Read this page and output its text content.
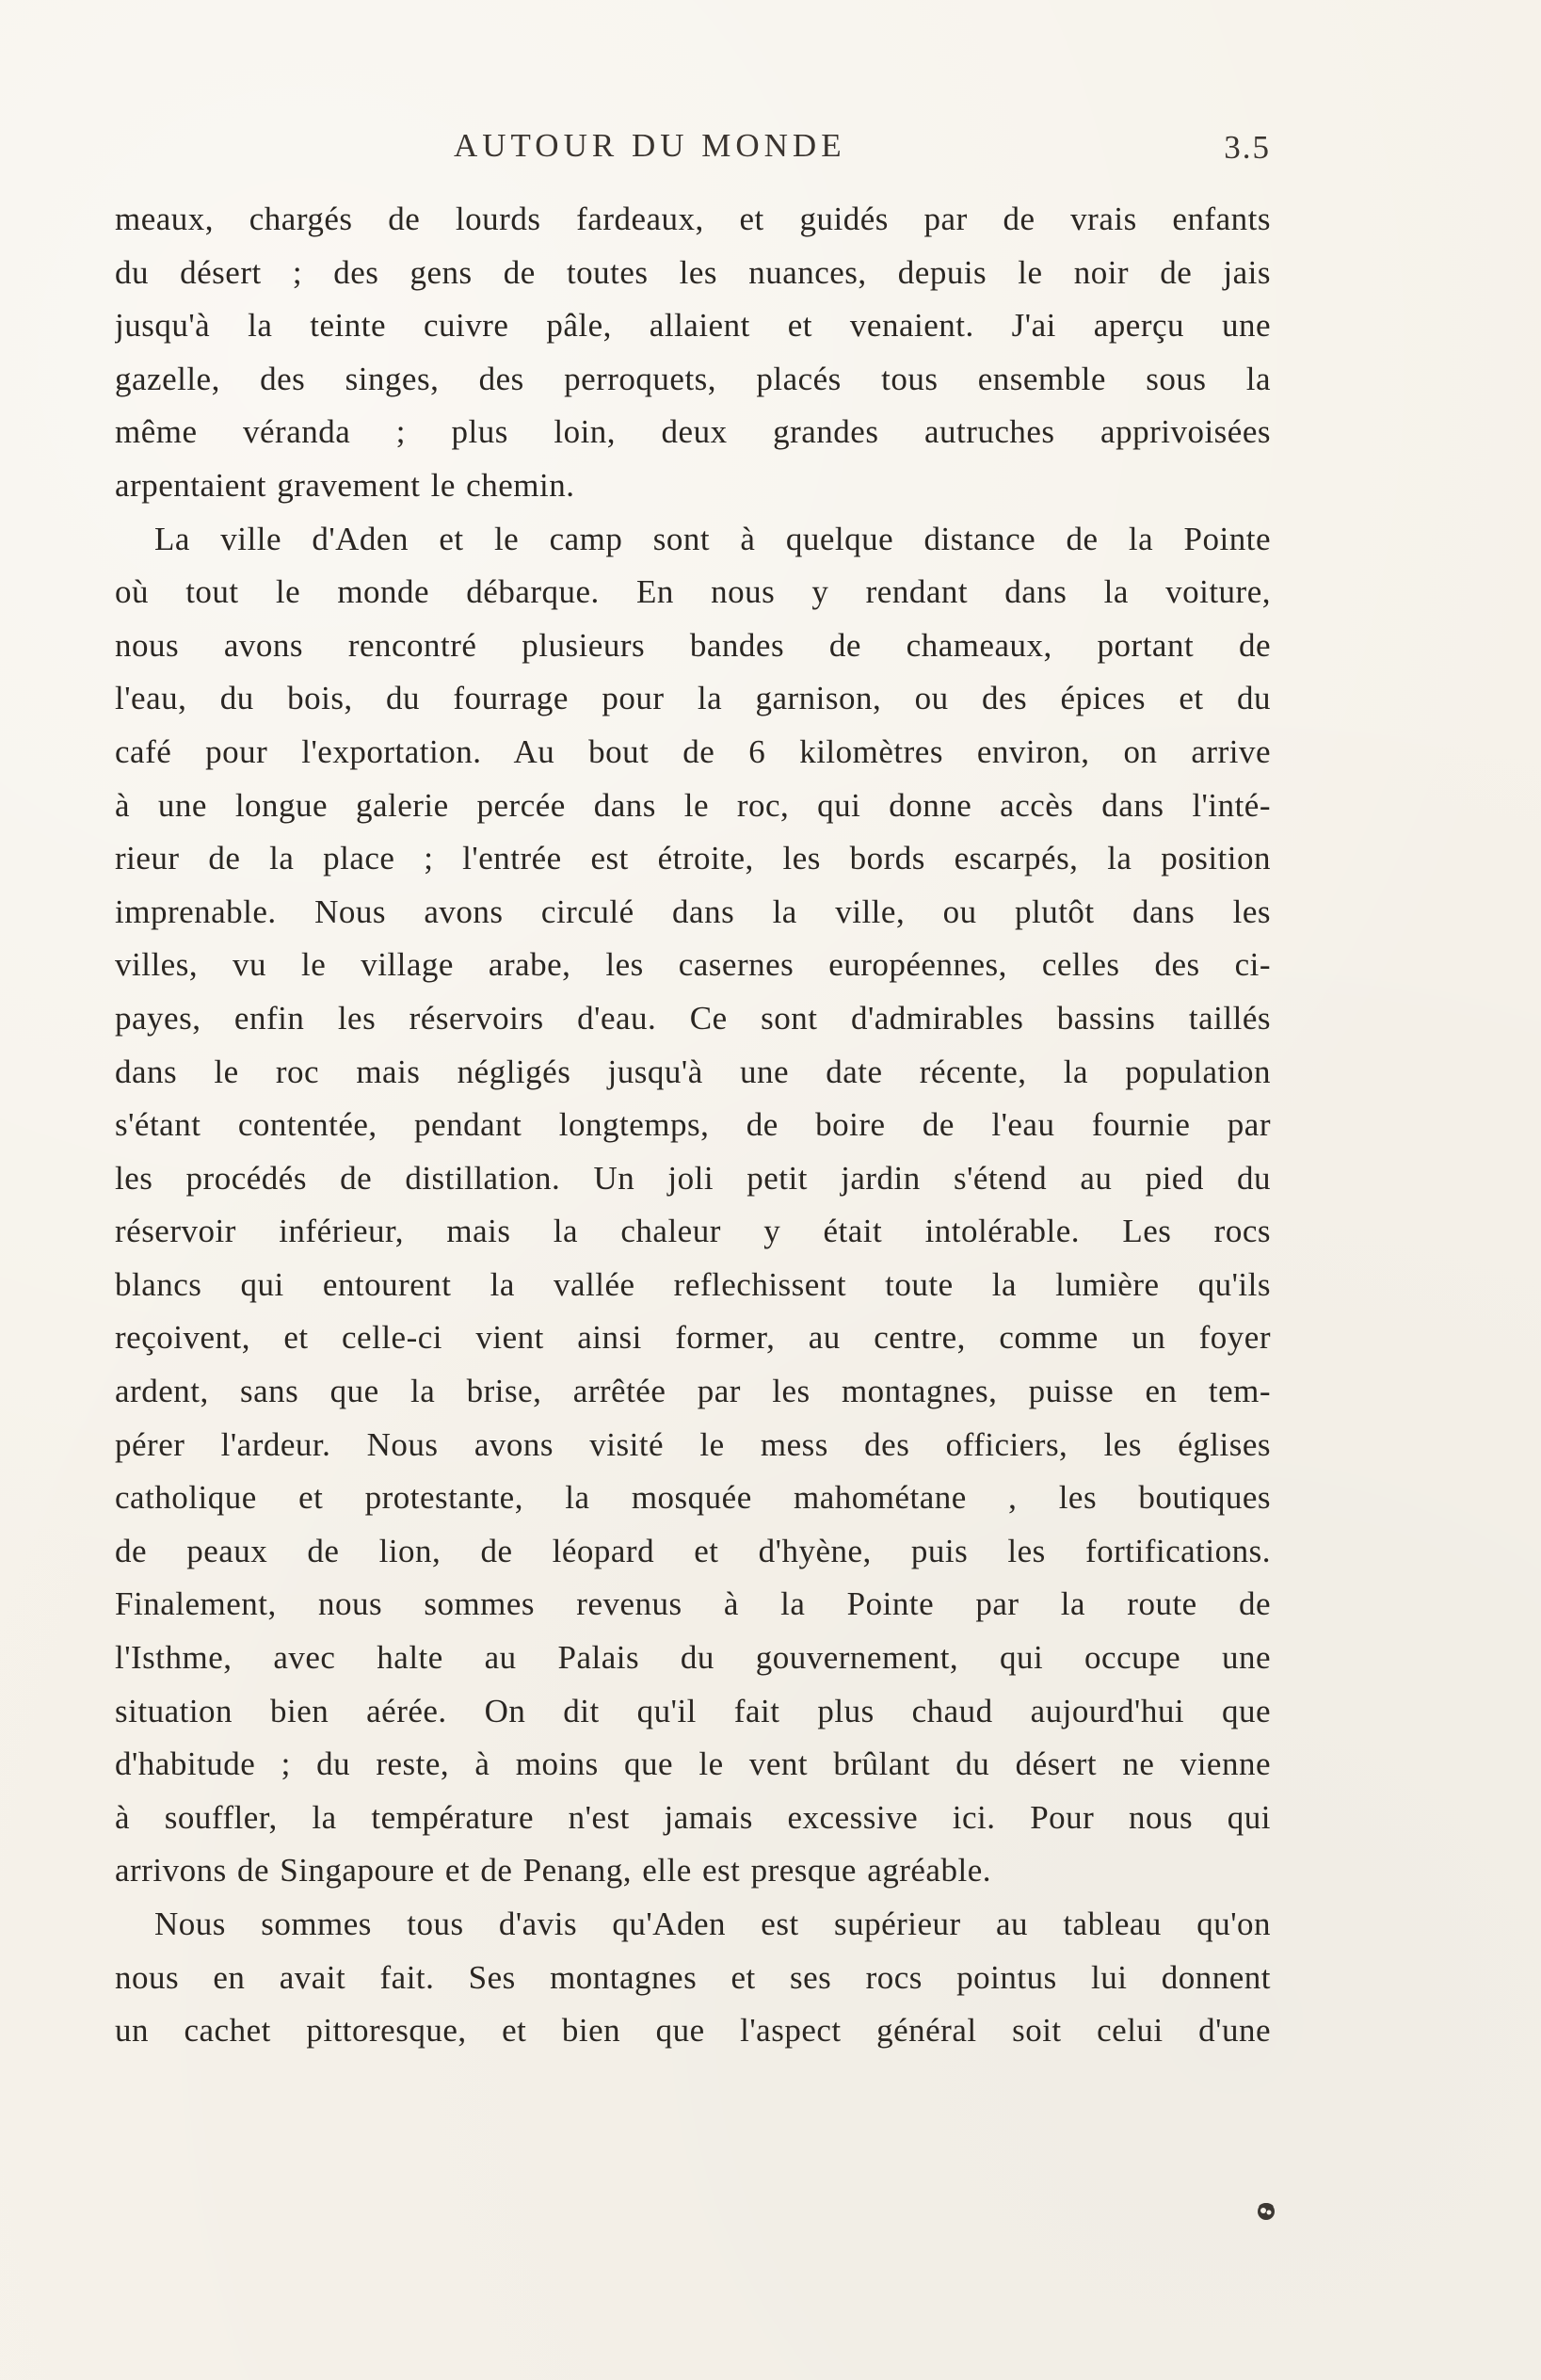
AUTOUR DU MONDE	3.5
meaux, chargés de lourds fardeaux, et guidés par de vrais enfants
du désert ; des gens de toutes les nuances, depuis le noir de jais
jusqu'à la teinte cuivre pâle, allaient et venaient. J'ai aperçu une
gazelle, des singes, des perroquets, placés tous ensemble sous la
même véranda ; plus loin, deux grandes autruches apprivoisées
arpentaient gravement le chemin.
La ville d'Aden et le camp sont à quelque distance de la Pointe
où tout le monde débarque. En nous y rendant dans la voiture,
nous avons rencontré plusieurs bandes de chameaux, portant de
l'eau, du bois, du fourrage pour la garnison, ou des épices et du
café pour l'exportation. Au bout de 6 kilomètres environ, on arrive
à une longue galerie percée dans le roc, qui donne accès dans l'inté-
rieur de la place ; l'entrée est étroite, les bords escarpés, la position
imprenable. Nous avons circulé dans la ville, ou plutôt dans les
villes, vu le village arabe, les casernes européennes, celles des ci-
payes, enfin les réservoirs d'eau. Ce sont d'admirables bassins taillés
dans le roc mais négligés jusqu'à une date récente, la population
s'étant contentée, pendant longtemps, de boire de l'eau fournie par
les procédés de distillation. Un joli petit jardin s'étend au pied du
réservoir inférieur, mais la chaleur y était intolérable. Les rocs
blancs qui entourent la vallée reflechissent toute la lumière qu'ils
reçoivent, et celle-ci vient ainsi former, au centre, comme un foyer
ardent, sans que la brise, arrêtée par les montagnes, puisse en tem-
pérer l'ardeur. Nous avons visité le mess des officiers, les églises
catholique et protestante, la mosquée mahométane , les boutiques
de peaux de lion, de léopard et d'hyène, puis les fortifications.
Finalement, nous sommes revenus à la Pointe par la route de
l'Isthme, avec halte au Palais du gouvernement, qui occupe une
situation bien aérée. On dit qu'il fait plus chaud aujourd'hui que
d'habitude ; du reste, à moins que le vent brûlant du désert ne vienne
à souffler, la température n'est jamais excessive ici. Pour nous qui
arrivons de Singapoure et de Penang, elle est presque agréable.
Nous sommes tous d'avis qu'Aden est supérieur au tableau qu'on
nous en avait fait. Ses montagnes et ses rocs pointus lui donnent
un cachet pittoresque, et bien que l'aspect général soit celui d'une
